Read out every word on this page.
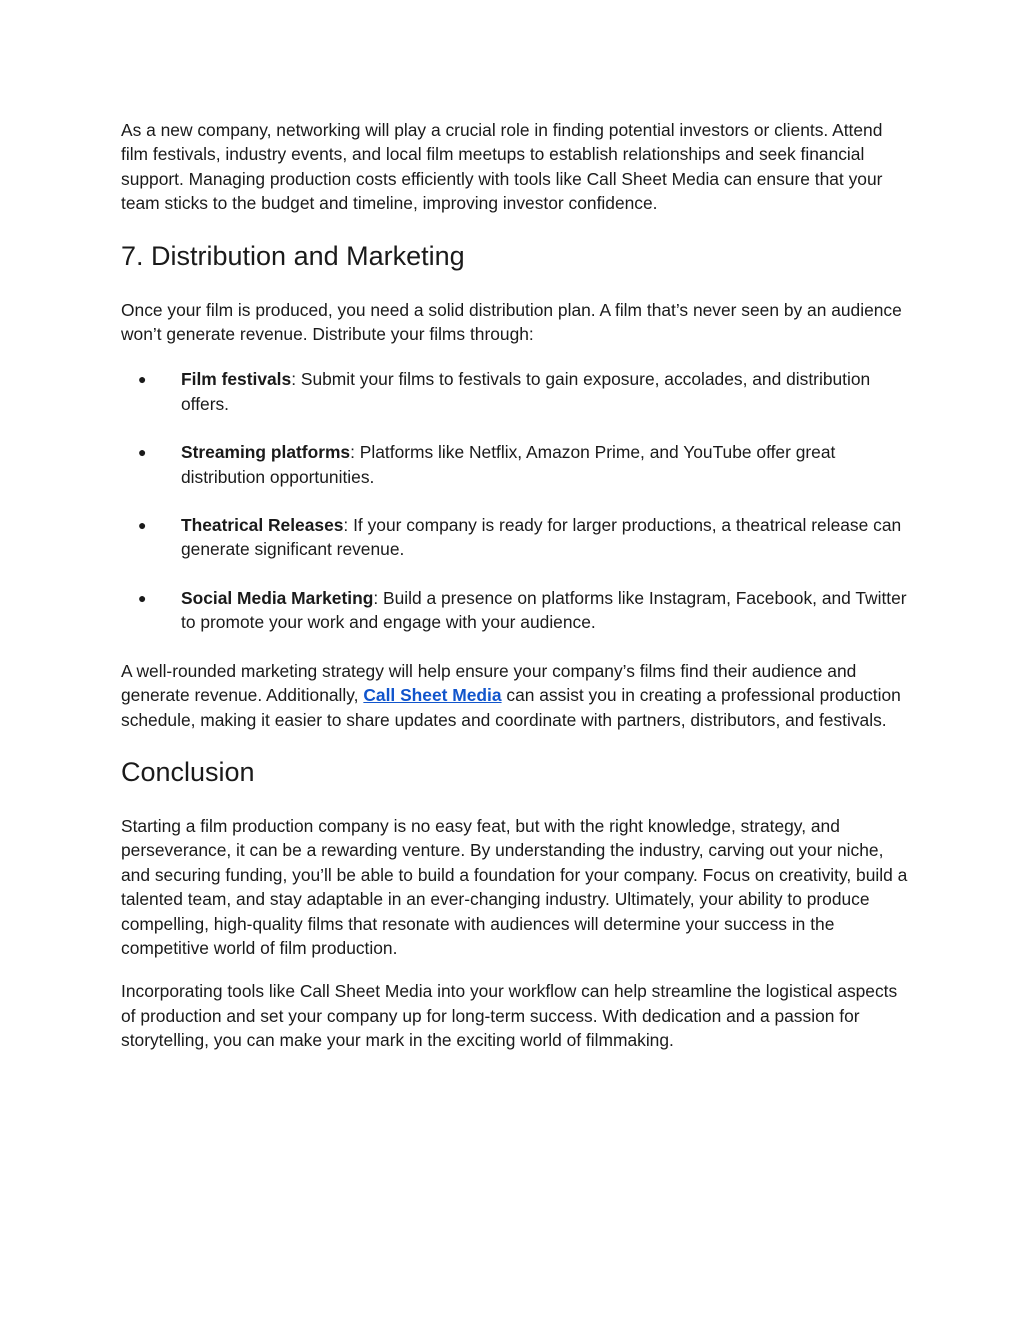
As a new company, networking will play a crucial role in finding potential investors or clients. Attend film festivals, industry events, and local film meetups to establish relationships and seek financial support. Managing production costs efficiently with tools like Call Sheet Media can ensure that your team sticks to the budget and timeline, improving investor confidence.

7. Distribution and Marketing

Once your film is produced, you need a solid distribution plan. A film that’s never seen by an audience won’t generate revenue. Distribute your films through:

● Film festivals: Submit your films to festivals to gain exposure, accolades, and distribution offers.
● Streaming platforms: Platforms like Netflix, Amazon Prime, and YouTube offer great distribution opportunities.
● Theatrical Releases: If your company is ready for larger productions, a theatrical release can generate significant revenue.
● Social Media Marketing: Build a presence on platforms like Instagram, Facebook, and Twitter to promote your work and engage with your audience.

A well-rounded marketing strategy will help ensure your company’s films find their audience and generate revenue. Additionally, Call Sheet Media can assist you in creating a professional production schedule, making it easier to share updates and coordinate with partners, distributors, and festivals.

Conclusion

Starting a film production company is no easy feat, but with the right knowledge, strategy, and perseverance, it can be a rewarding venture. By understanding the industry, carving out your niche, and securing funding, you’ll be able to build a foundation for your company. Focus on creativity, build a talented team, and stay adaptable in an ever-changing industry. Ultimately, your ability to produce compelling, high-quality films that resonate with audiences will determine your success in the competitive world of film production.

Incorporating tools like Call Sheet Media into your workflow can help streamline the logistical aspects of production and set your company up for long-term success. With dedication and a passion for storytelling, you can make your mark in the exciting world of filmmaking.
